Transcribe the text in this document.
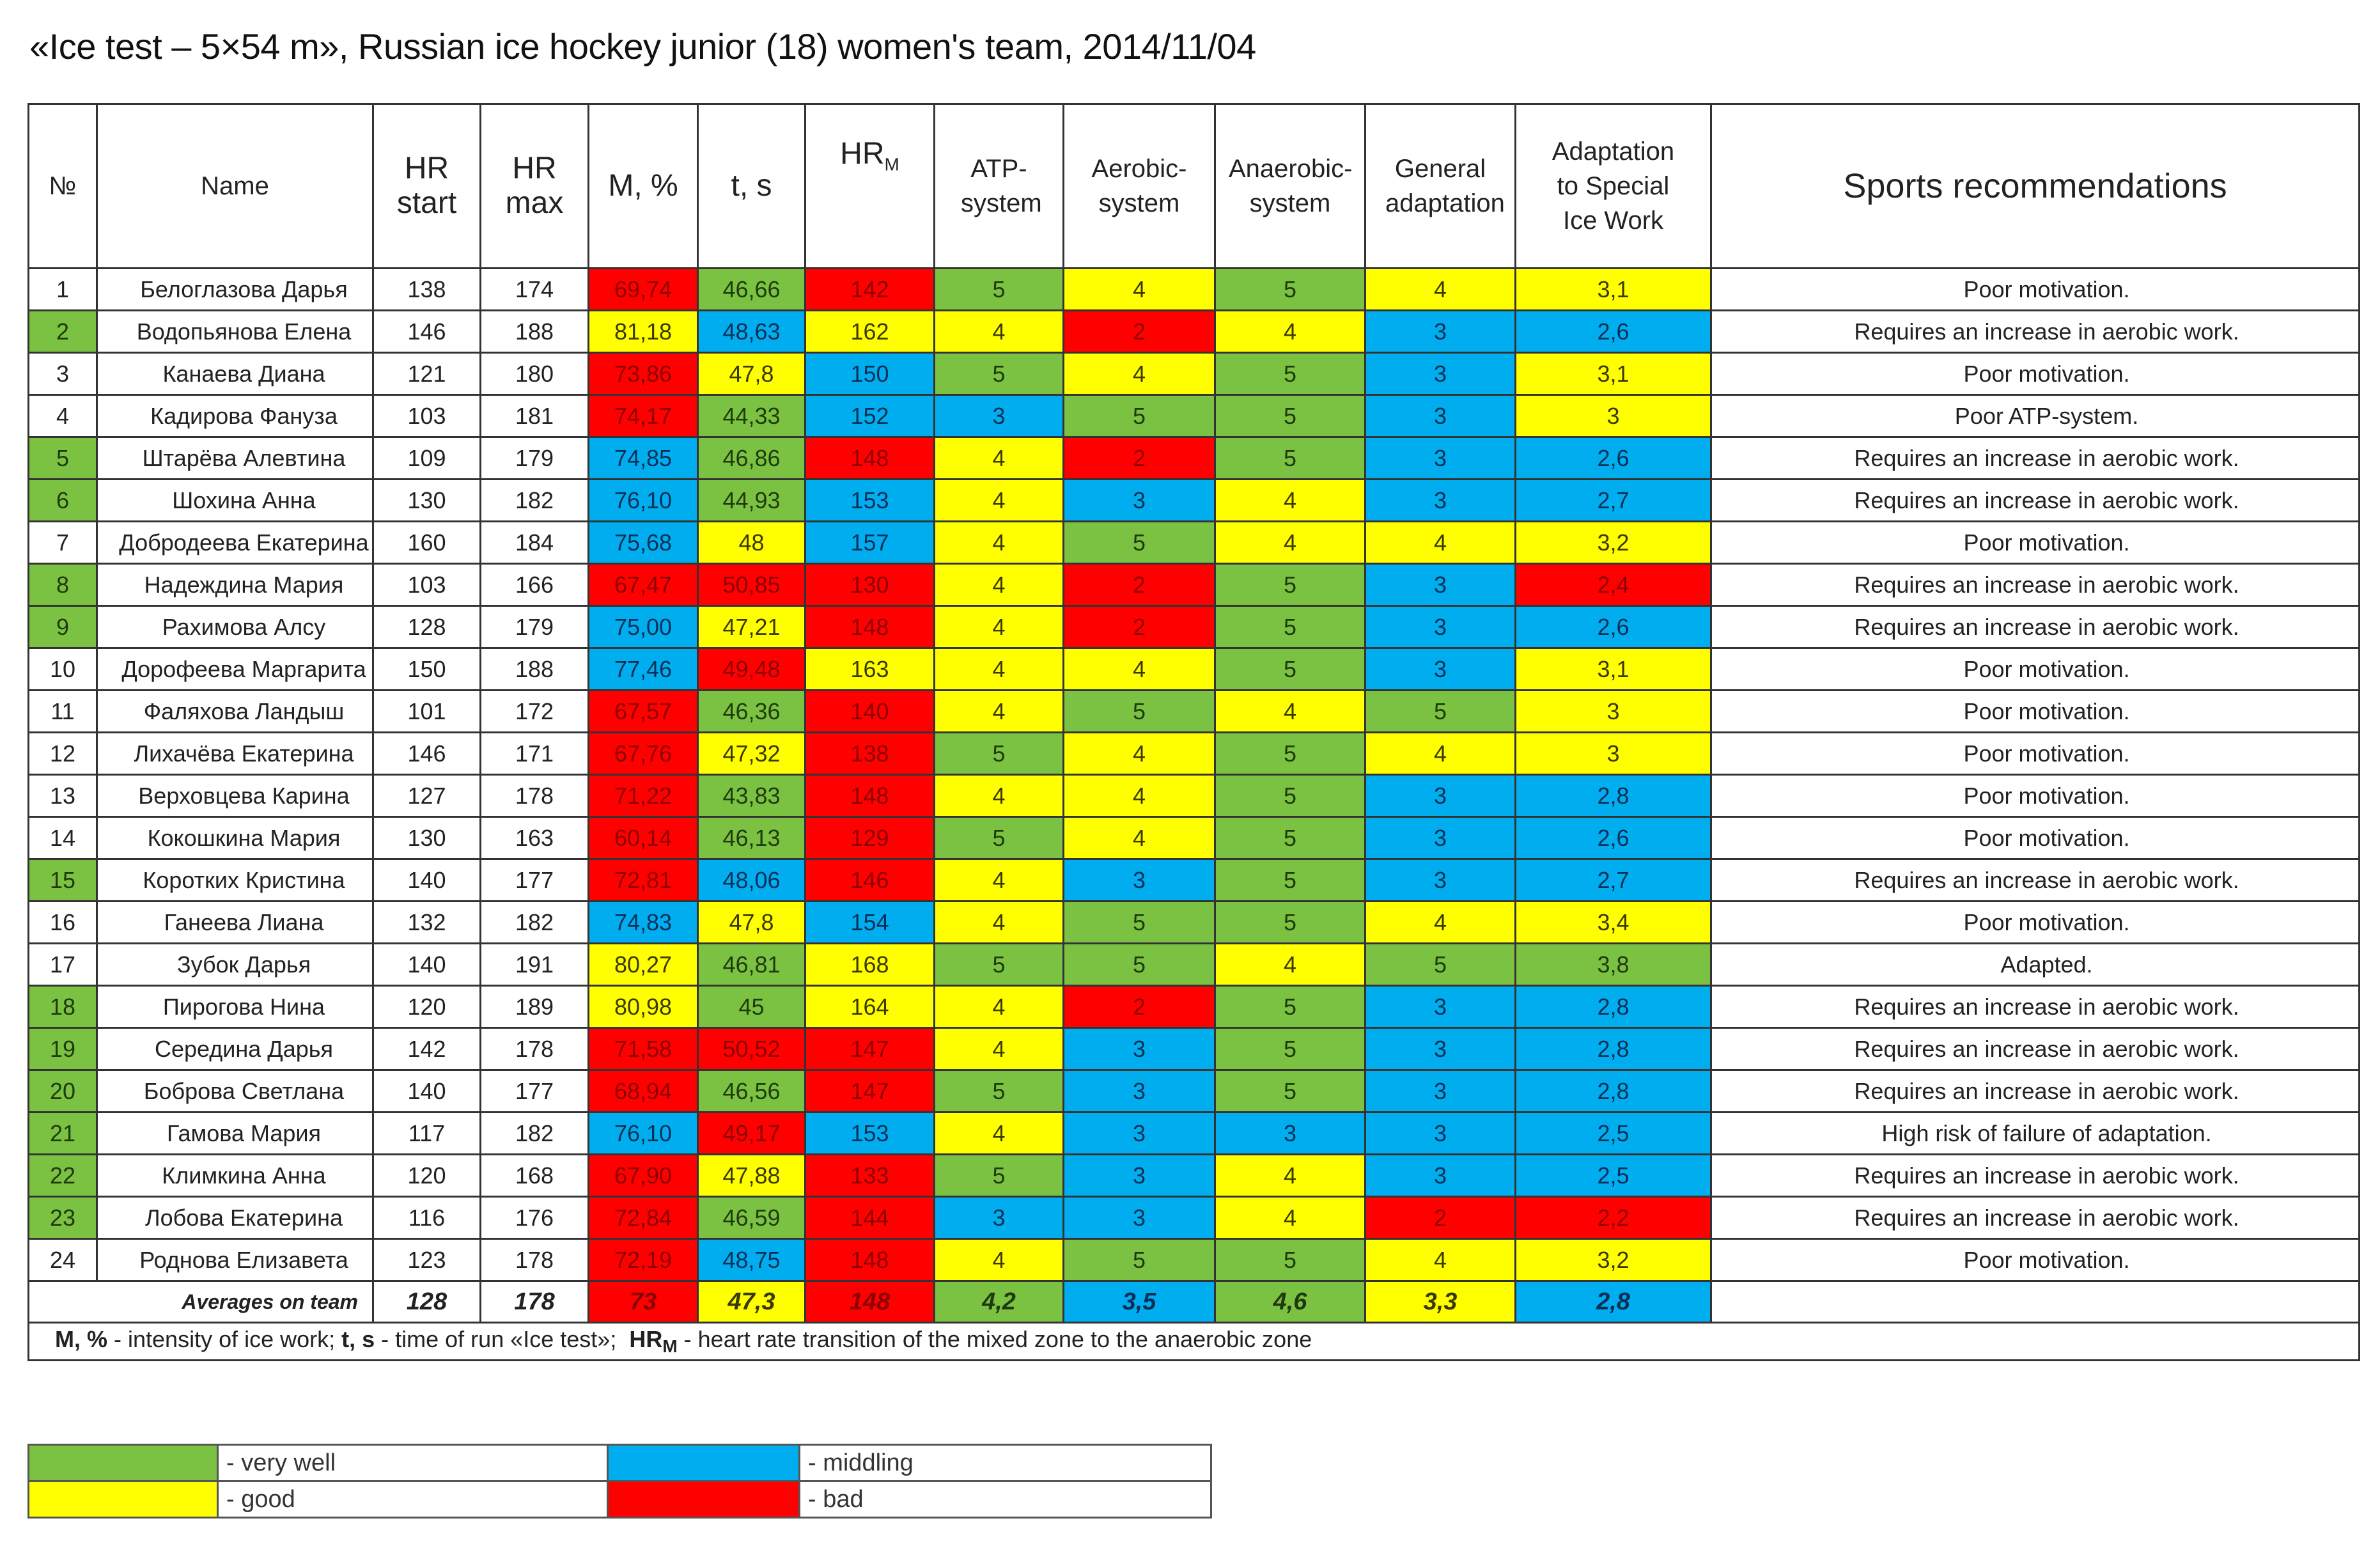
«Ice test – 5×54 m», Russian ice hockey junior (18) women's team, 2014/11/04
№	Name	HR start	HR max	M, %	t, s	$HR_M$	ATP-system	Aerobic-system	Anaerobic-system	General adaptation	Adaptation to Special Ice Work	Sports recommendations
1	Белоглазова Дарья	138	174	69,74	46,66	142	5	4	5	4	3,1	Poor motivation.
2	Водопьянова Елена	146	188	81,18	48,63	162	4	2	4	3	2,6	Requires an increase in aerobic work.
3	Канаева Диана	121	180	73,86	47,8	150	5	4	5	3	3,1	Poor motivation.
4	Кадирова Фануза	103	181	74,17	44,33	152	3	5	5	3	3	Poor ATP-system.
5	Штарёва Алевтина	109	179	74,85	46,86	148	4	2	5	3	2,6	Requires an increase in aerobic work.
6	Шохина Анна	130	182	76,10	44,93	153	4	3	4	3	2,7	Requires an increase in aerobic work.
7	Добродеева Екатерина	160	184	75,68	48	157	4	5	4	4	3,2	Poor motivation.
8	Надеждина Мария	103	166	67,47	50,85	130	4	2	5	3	2,4	Requires an increase in aerobic work.
9	Рахимова Алсу	128	179	75,00	47,21	148	4	2	5	3	2,6	Requires an increase in aerobic work.
10	Дорофеева Маргарита	150	188	77,46	49,48	163	4	4	5	3	3,1	Poor motivation.
11	Фаляхова Ландыш	101	172	67,57	46,36	140	4	5	4	5	3	Poor motivation.
12	Лихачёва Екатерина	146	171	67,76	47,32	138	5	4	5	4	3	Poor motivation.
13	Верховцева Карина	127	178	71,22	43,83	148	4	4	5	3	2,8	Poor motivation.
14	Кокошкина Мария	130	163	60,14	46,13	129	5	4	5	3	2,6	Poor motivation.
15	Коротких Кристина	140	177	72,81	48,06	146	4	3	5	3	2,7	Requires an increase in aerobic work.
16	Ганеева Лиана	132	182	74,83	47,8	154	4	5	5	4	3,4	Poor motivation.
17	Зубок Дарья	140	191	80,27	46,81	168	5	5	4	5	3,8	Adapted.
18	Пирогова Нина	120	189	80,98	45	164	4	2	5	3	2,8	Requires an increase in aerobic work.
19	Середина Дарья	142	178	71,58	50,52	147	4	3	5	3	2,8	Requires an increase in aerobic work.
20	Боброва Светлана	140	177	68,94	46,56	147	5	3	5	3	2,8	Requires an increase in aerobic work.
21	Гамова Мария	117	182	76,10	49,17	153	4	3	3	3	2,5	High risk of failure of adaptation.
22	Климкина Анна	120	168	67,90	47,88	133	5	3	4	3	2,5	Requires an increase in aerobic work.
23	Лобова Екатерина	116	176	72,84	46,59	144	3	3	4	2	2,2	Requires an increase in aerobic work.
24	Роднова Елизавета	123	178	72,19	48,75	148	4	5	5	4	3,2	Poor motivation.
Averages on team		128	178	73	47,3	148	4,2	3,5	4,6	3,3	2,8	
M, % - intensity of ice work; t, s - time of run «Ice test»;  $HR_M$ - heart rate transition of the mixed zone to the anaerobic zone												
	- very well		- middling
	- good		- bad
